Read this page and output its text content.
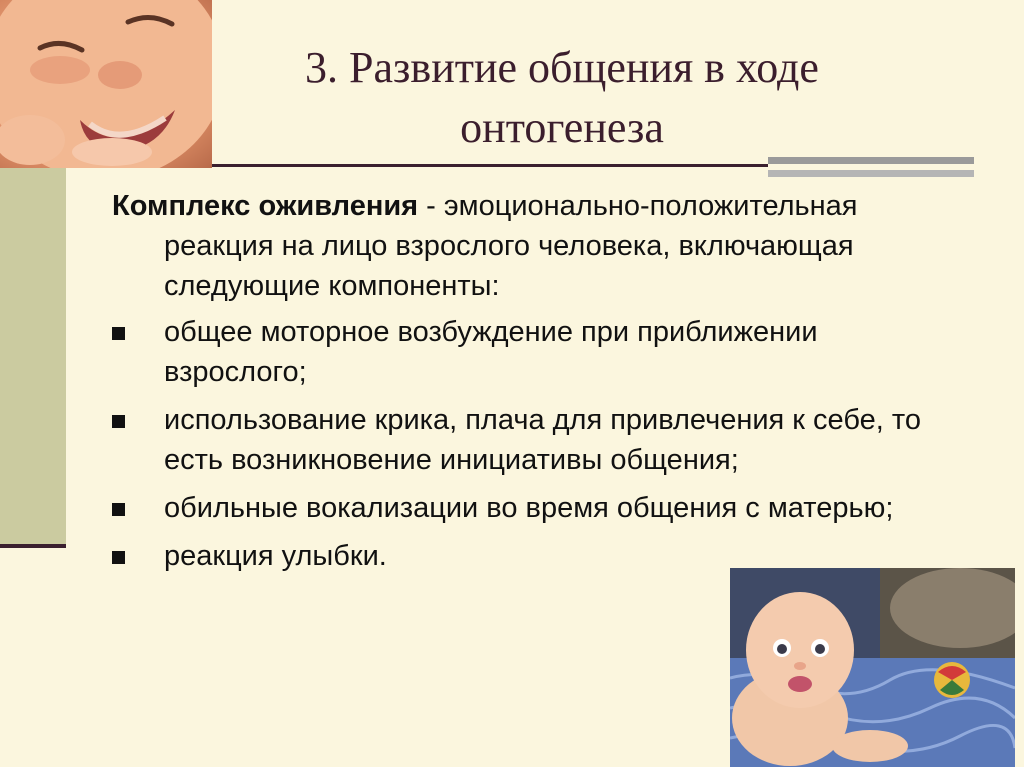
3. Развитие общения в ходе
онтогенеза

Комплекс оживления - эмоционально-положительная реакция на лицо взрослого человека, включающая следующие компоненты:

общее моторное возбуждение при приближении взрослого;
использование крика, плача для привлечения к себе, то есть возникновение инициативы общения;
обильные вокализации во время общения с матерью;
реакция улыбки.
